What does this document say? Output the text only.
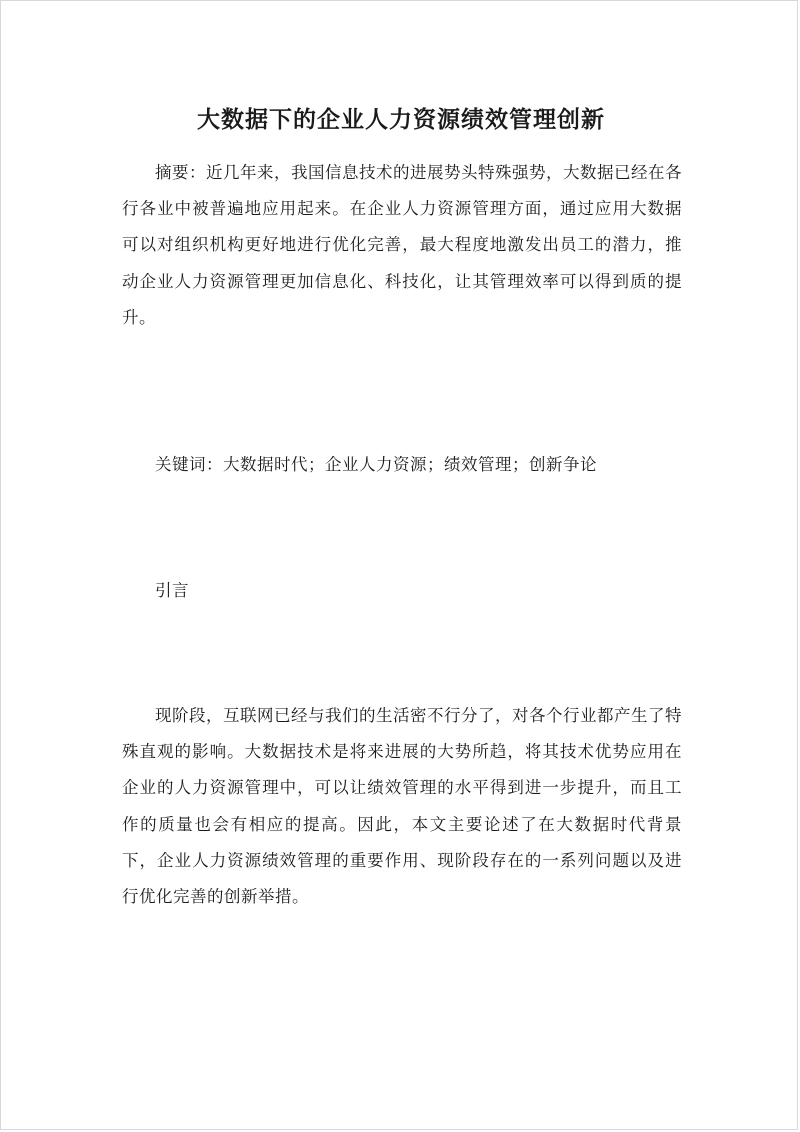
大数据下的企业人力资源绩效管理创新
摘要：近几年来，我国信息技术的进展势头特殊强势，大数据已经在各行各业中被普遍地应用起来。在企业人力资源管理方面，通过应用大数据可以对组织机构更好地进行优化完善，最大程度地激发出员工的潜力，推动企业人力资源管理更加信息化、科技化，让其管理效率可以得到质的提升。
关键词：大数据时代；企业人力资源；绩效管理；创新争论
引言
现阶段，互联网已经与我们的生活密不行分了，对各个行业都产生了特殊直观的影响。大数据技术是将来进展的大势所趋，将其技术优势应用在企业的人力资源管理中，可以让绩效管理的水平得到进一步提升，而且工作的质量也会有相应的提高。因此，本文主要论述了在大数据时代背景下，企业人力资源绩效管理的重要作用、现阶段存在的一系列问题以及进行优化完善的创新举措。
